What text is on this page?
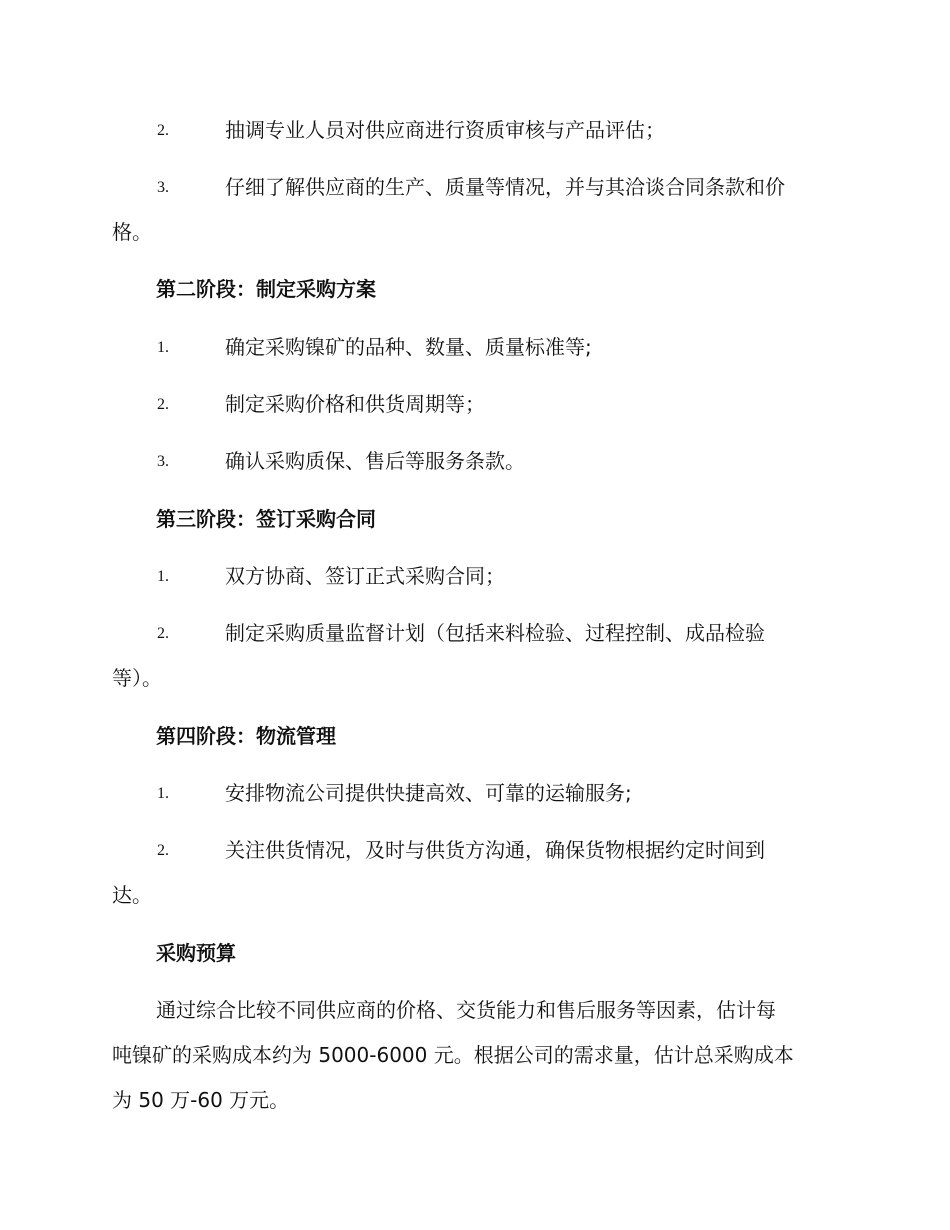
2.	抽调专业人员对供应商进行资质审核与产品评估；
3.	仔细了解供应商的生产、质量等情况，并与其洽谈合同条款和价
格。
第二阶段：制定采购方案
1.	确定采购镍矿的品种、数量、质量标准等;
2.	制定采购价格和供货周期等；
3.	确认采购质保、售后等服务条款。
第三阶段：签订采购合同
1.	双方协商、签订正式采购合同；
2.	制定采购质量监督计划（包括来料检验、过程控制、成品检验
等）。
第四阶段：物流管理
1.	安排物流公司提供快捷高效、可靠的运输服务;
2.	关注供货情况，及时与供货方沟通，确保货物根据约定时间到
达。
采购预算
通过综合比较不同供应商的价格、交货能力和售后服务等因素，估计每
吨镍矿的采购成本约为 5000-6000 元。根据公司的需求量，估计总采购成本
为 50 万-60 万元。
